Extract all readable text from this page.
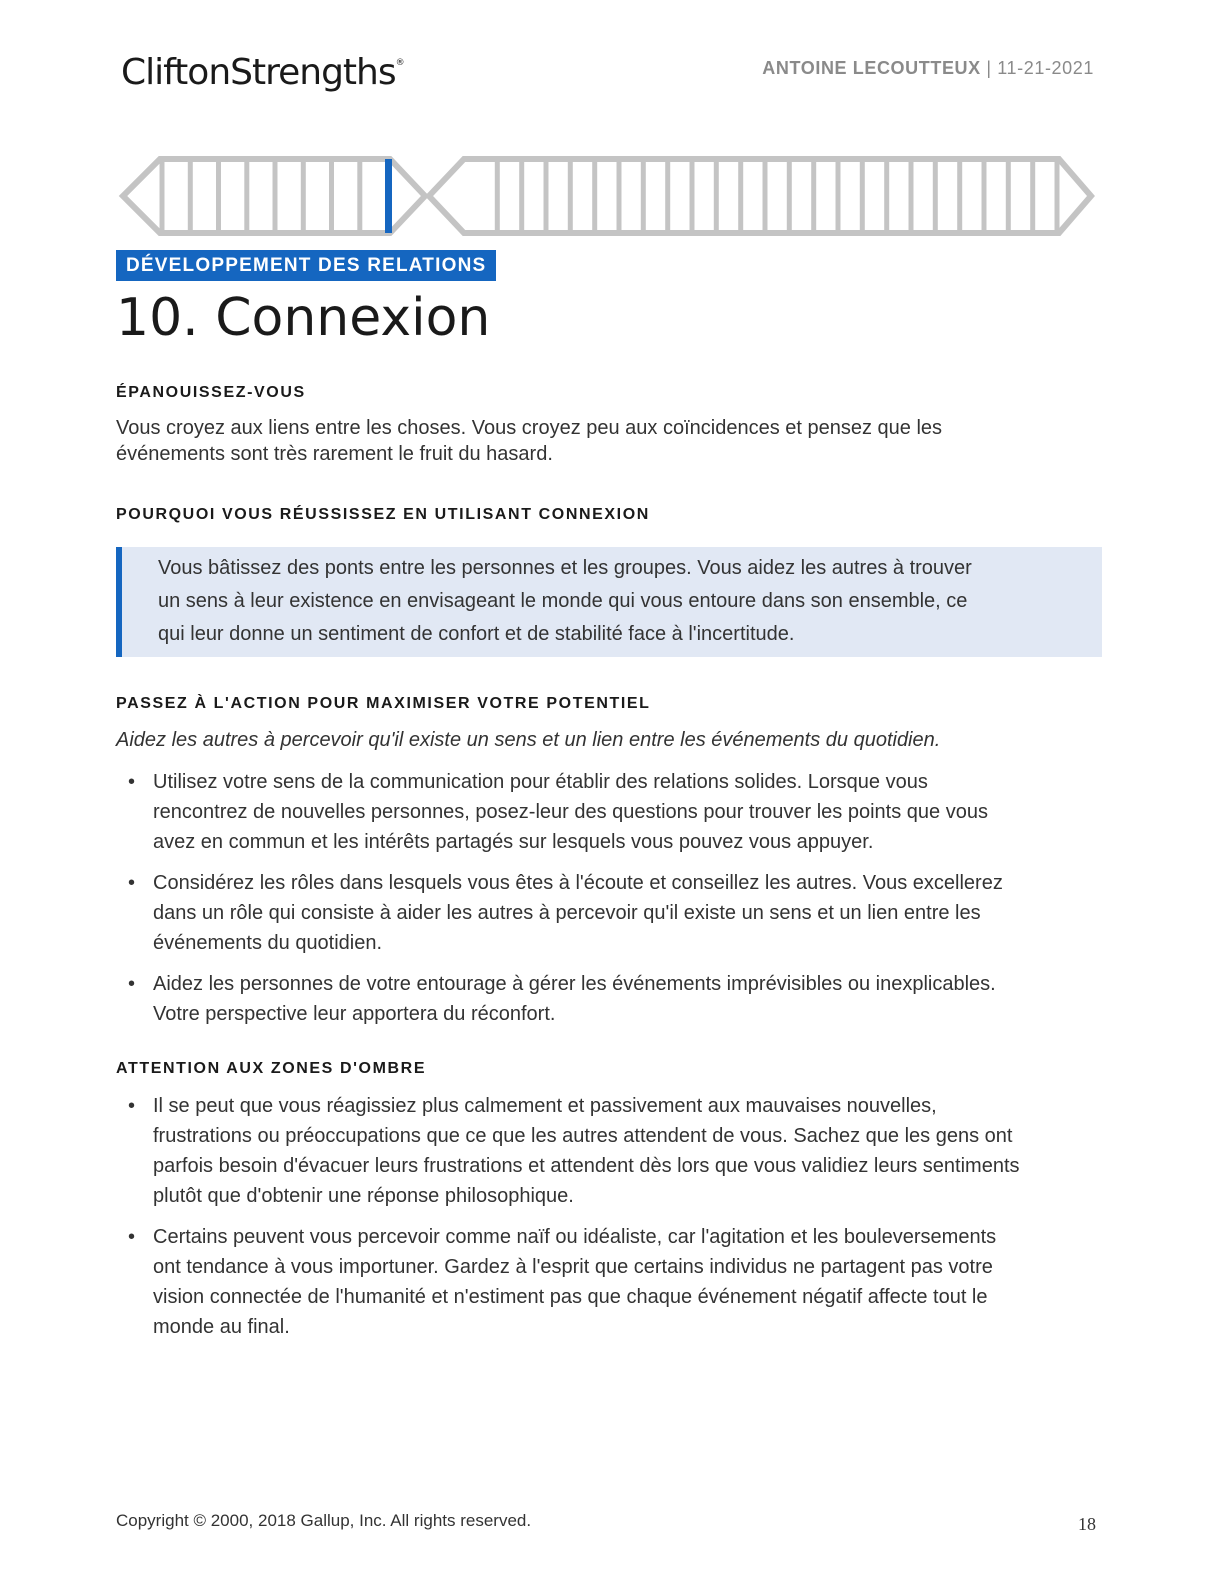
CliftonStrengths®	ANTOINE LECOUTTEUX | 11-21-2021
DÉVELOPPEMENT DES RELATIONS
10. Connexion
ÉPANOUISSEZ-VOUS

Vous croyez aux liens entre les choses. Vous croyez peu aux coïncidences et pensez que les événements sont très rarement le fruit du hasard.

POURQUOI VOUS RÉUSSISSEZ EN UTILISANT CONNEXION

Vous bâtissez des ponts entre les personnes et les groupes. Vous aidez les autres à trouver un sens à leur existence en envisageant le monde qui vous entoure dans son ensemble, ce qui leur donne un sentiment de confort et de stabilité face à l'incertitude.

PASSEZ À L'ACTION POUR MAXIMISER VOTRE POTENTIEL

Aidez les autres à percevoir qu'il existe un sens et un lien entre les événements du quotidien.

• Utilisez votre sens de la communication pour établir des relations solides. Lorsque vous rencontrez de nouvelles personnes, posez-leur des questions pour trouver les points que vous avez en commun et les intérêts partagés sur lesquels vous pouvez vous appuyer.
• Considérez les rôles dans lesquels vous êtes à l'écoute et conseillez les autres. Vous excellerez dans un rôle qui consiste à aider les autres à percevoir qu'il existe un sens et un lien entre les événements du quotidien.
• Aidez les personnes de votre entourage à gérer les événements imprévisibles ou inexplicables. Votre perspective leur apportera du réconfort.
ATTENTION AUX ZONES D'OMBRE
• Il se peut que vous réagissiez plus calmement et passivement aux mauvaises nouvelles, frustrations ou préoccupations que ce que les autres attendent de vous. Sachez que les gens ont parfois besoin d'évacuer leurs frustrations et attendent dès lors que vous validiez leurs sentiments plutôt que d'obtenir une réponse philosophique.
• Certains peuvent vous percevoir comme naïf ou idéaliste, car l'agitation et les bouleversements ont tendance à vous importuner. Gardez à l'esprit que certains individus ne partagent pas votre vision connectée de l'humanité et n'estiment pas que chaque événement négatif affecte tout le monde au final.
Copyright © 2000, 2018 Gallup, Inc. All rights reserved.	18
